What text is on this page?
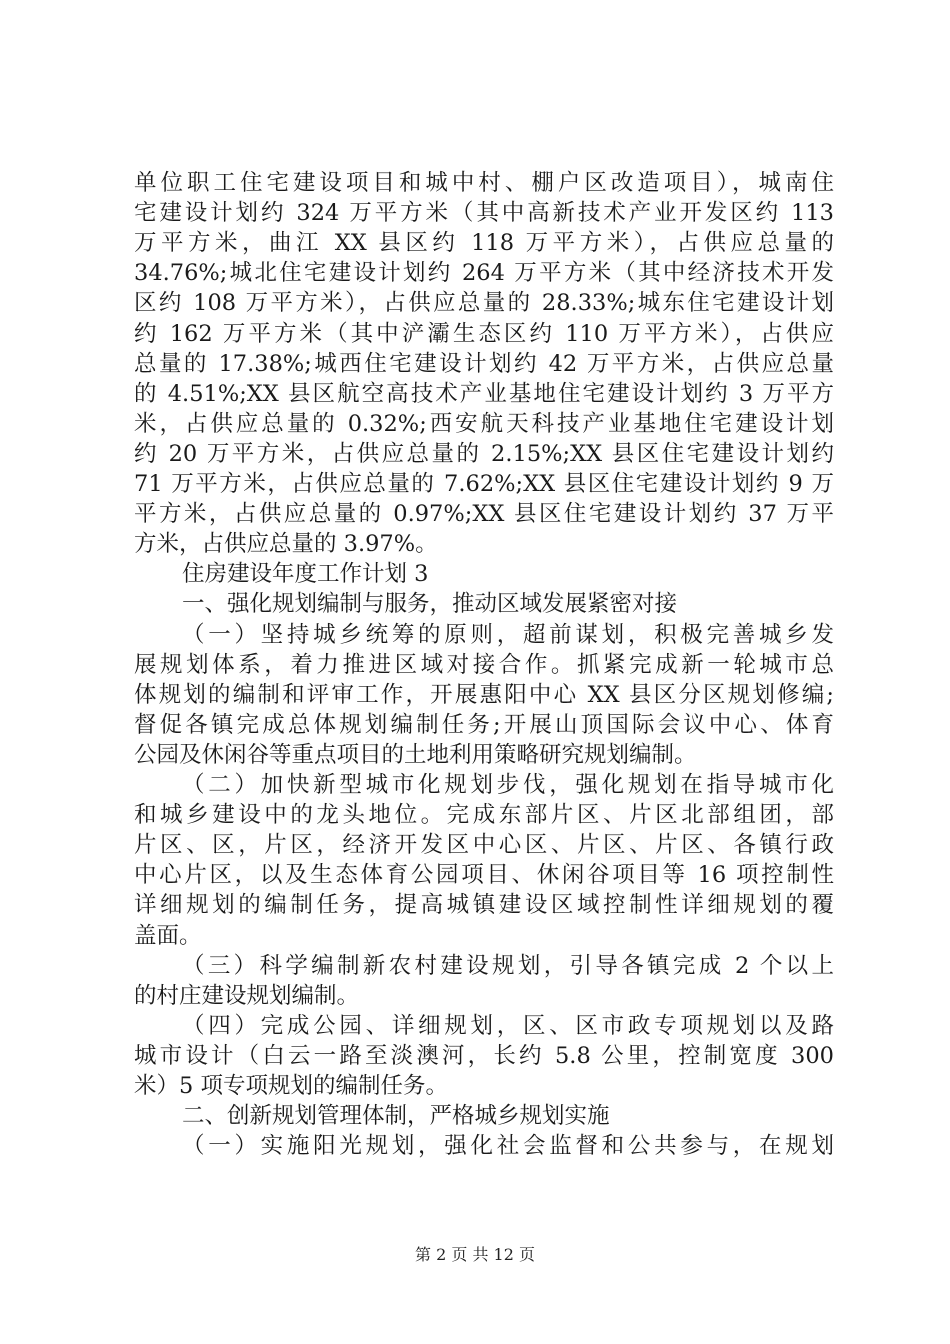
单位职工住宅建设项目和城中村、棚户区改造项目），城南住
宅建设计划约 324 万平方米（其中高新技术产业开发区约 113
万平方米，曲江 XX 县区约 118 万平方米），占供应总量的
34.76%;城北住宅建设计划约 264 万平方米（其中经济技术开发
区约 108 万平方米），占供应总量的 28.33%;城东住宅建设计划
约 162 万平方米（其中浐灞生态区约 110 万平方米），占供应
总量的 17.38%;城西住宅建设计划约 42 万平方米，占供应总量
的 4.51%;XX 县区航空高技术产业基地住宅建设计划约 3 万平方
米，占供应总量的 0.32%;西安航天科技产业基地住宅建设计划
约 20 万平方米，占供应总量的 2.15%;XX 县区住宅建设计划约
71 万平方米，占供应总量的 7.62%;XX 县区住宅建设计划约 9 万
平方米，占供应总量的 0.97%;XX 县区住宅建设计划约 37 万平
方米，占供应总量的 3.97%。
住房建设年度工作计划 3
一、强化规划编制与服务，推动区域发展紧密对接
（一）坚持城乡统筹的原则，超前谋划，积极完善城乡发
展规划体系，着力推进区域对接合作。抓紧完成新一轮城市总
体规划的编制和评审工作，开展惠阳中心 XX 县区分区规划修编;
督促各镇完成总体规划编制任务;开展山顶国际会议中心、体育
公园及休闲谷等重点项目的土地利用策略研究规划编制。
（二）加快新型城市化规划步伐，强化规划在指导城市化
和城乡建设中的龙头地位。完成东部片区、片区北部组团，部
片区、区，片区，经济开发区中心区、片区、片区、各镇行政
中心片区，以及生态体育公园项目、休闲谷项目等 16 项控制性
详细规划的编制任务，提高城镇建设区域控制性详细规划的覆
盖面。
（三）科学编制新农村建设规划，引导各镇完成 2 个以上
的村庄建设规划编制。
（四）完成公园、详细规划，区、区市政专项规划以及路
城市设计（白云一路至淡澳河，长约 5.8 公里，控制宽度 300
米）5 项专项规划的编制任务。
二、创新规划管理体制，严格城乡规划实施
（一）实施阳光规划，强化社会监督和公共参与，在规划
第 2 页 共 12 页
